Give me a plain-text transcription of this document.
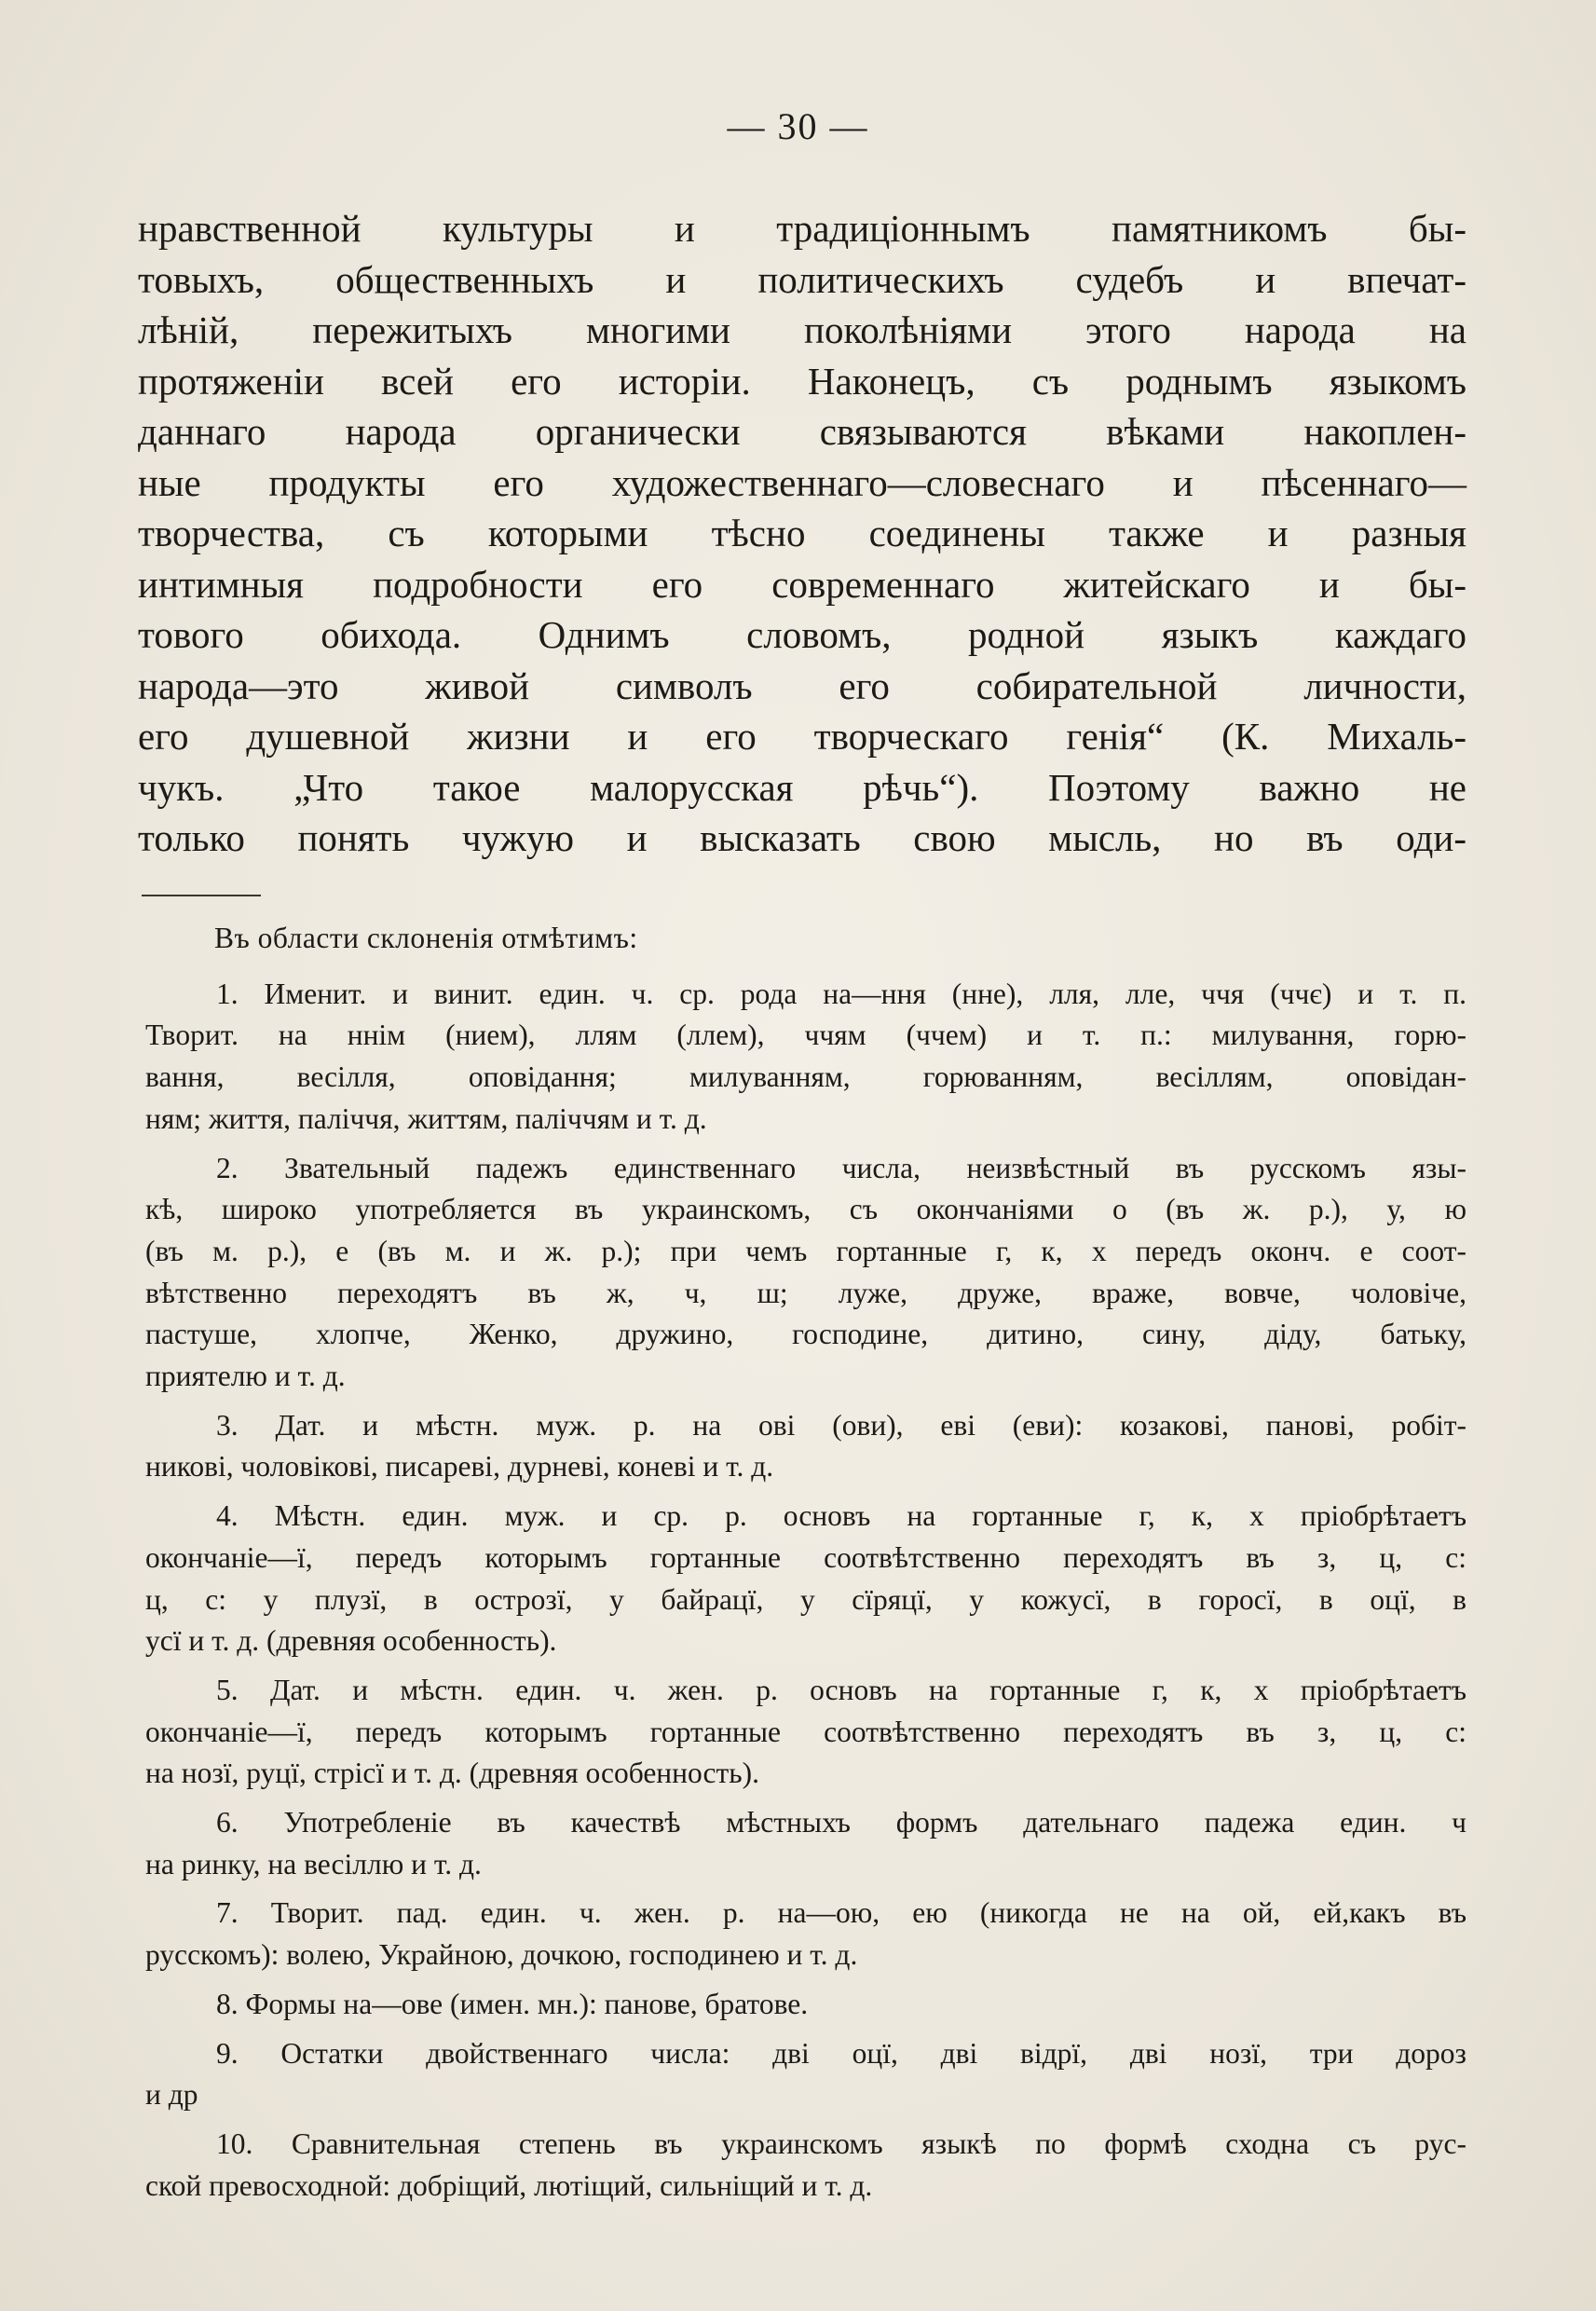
— 30 —
нравственной культуры и традиціоннымъ памятникомъ бы-
товыхъ, общественныхъ и политическихъ судебъ и впечат-
лѣній, пережитыхъ многими поколѣніями этого народа на
протяженіи всей его исторіи. Наконецъ, съ роднымъ языкомъ
даннаго народа органически связываются вѣками накоплен-
ные продукты его художественнаго—словеснаго и пѣсеннаго—
творчества, съ которыми тѣсно соединены также и разныя
интимныя подробности его современнаго житейскаго и бы-
тового обихода. Однимъ словомъ, родной языкъ каждаго
народа—это живой символъ его собирательной личности,
его душевной жизни и его творческаго генія“ (К. Михаль-
чукъ. „Что такое малорусская рѣчь“). Поэтому важно не
только понять чужую и высказать свою мысль, но въ оди-
Въ области склоненія отмѣтимъ:
1. Именит. и винит. един. ч. ср. рода на—ння (нне), лля, лле, ччя (ччє) и т. п.
Творит. на ннiм (нием), ллям (ллем), ччям (ччем) и т. п.: милування, горю-
вання, весілля, оповідання; милуванням, горюванням, весіллям, оповідан-
ням; життя, паліччя, життям, паліччям и т. д.
2. Звательный падежъ единственнаго числа, неизвѣстный въ русскомъ язы-
кѣ, широко употребляется въ украинскомъ, съ окончаніями о (въ ж. р.), у, ю
(въ м. р.), е (въ м. и ж. р.); при чемъ гортанные г, к, х передъ оконч. е соот-
вѣтственно переходятъ въ ж, ч, ш; луже, друже, враже, вовче, чоловіче,
пастуше, хлопче, Женко, дружино, господине, дитино, сину, діду, батьку,
приятелю и т. д.
3. Дат. и мѣстн. муж. р. на ові (ови), еві (еви): козакові, панові, робіт-
никові, чоловікові, писареві, дурневі, коневі и т. д.
4. Мѣстн. един. муж. и ср. р. основъ на гортанные г, к, х пріобрѣтаетъ
окончаніе—ї, передъ которымъ гортанные соотвѣтственно переходятъ въ з, ц, с:
ц, с: у плузї, в острозї, у байрацї, у сїряцї, у кожусї, в гороcї, в оцї, в
усї и т. д. (древняя особенность).
5. Дат. и мѣстн. един. ч. жен. р. основъ на гортанные г, к, х пріобрѣтаетъ
окончаніе—ї, передъ которымъ гортанные соотвѣтственно переходятъ въ з, ц, с:
на нозї, руцї, стрісї и т. д. (древняя особенность).
6. Употребленіе въ качествѣ мѣстныхъ формъ дательнаго падежа един. ч
на ринку, на весіллю и т. д.
7. Творит. пад. един. ч. жен. р. на—ою, ею (никогда не на ой, ей,какъ въ
русскомъ): волею, Украйною, дочкою, господинею и т. д.
8. Формы на—ове (имен. мн.): панове, братове.
9. Остатки двойственнаго числа: дві оцї, дві відрї, дві нозї, три дороз
и др
10. Сравнительная степень въ украинскомъ языкѣ по формѣ сходна съ рус-
ской превосходной: добріщий, лютіщий, сильніщий и т. д.
